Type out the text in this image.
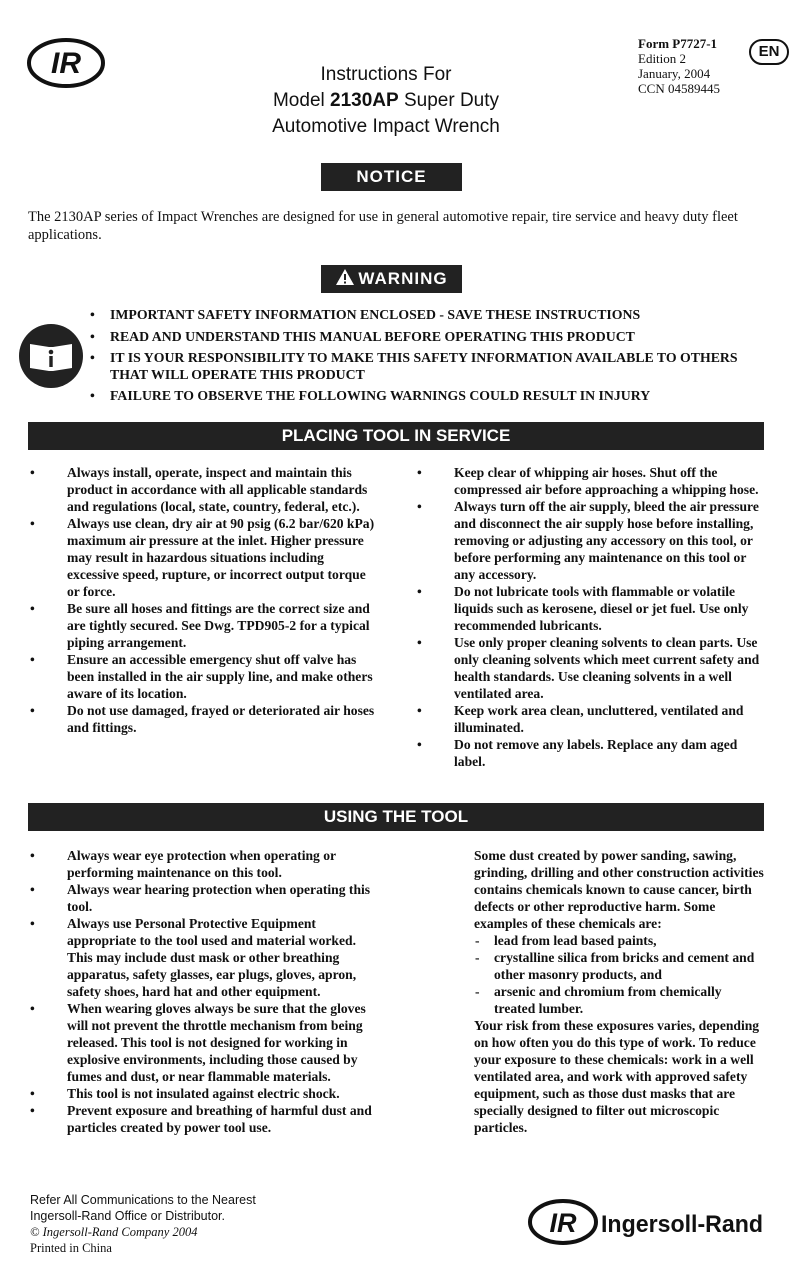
IR	Instructions For
Model 2130AP Super Duty
Automotive Impact Wrench
Form P7727-1
Edition 2
January, 2004
CCN 04589445
EN
NOTICE
The 2130AP series of Impact Wrenches are designed for use in general automotive repair, tire service and heavy duty fleet applications.
WARNING
• IMPORTANT SAFETY INFORMATION ENCLOSED - SAVE THESE INSTRUCTIONS
• READ AND UNDERSTAND THIS MANUAL BEFORE OPERATING THIS PRODUCT
• IT IS YOUR RESPONSIBILITY TO MAKE THIS SAFETY INFORMATION AVAILABLE TO OTHERS THAT WILL OPERATE THIS PRODUCT
• FAILURE TO OBSERVE THE FOLLOWING WARNINGS COULD RESULT IN INJURY
PLACING TOOL IN SERVICE
• Always install, operate, inspect and maintain this product in accordance with all applicable standards and regulations (local, state, country, federal, etc.).
• Always use clean, dry air at 90 psig (6.2 bar/620 kPa) maximum air pressure at the inlet. Higher pressure may result in hazardous situations including excessive speed, rupture, or incorrect output torque or force.
• Be sure all hoses and fittings are the correct size and are tightly secured. See Dwg. TPD905-2 for a typical piping arrangement.
• Ensure an accessible emergency shut off valve has been installed in the air supply line, and make others aware of its location.
• Do not use damaged, frayed or deteriorated air hoses and fittings.
• Keep clear of whipping air hoses. Shut off the compressed air before approaching a whipping hose.
• Always turn off the air supply, bleed the air pressure and disconnect the air supply hose before installing, removing or adjusting any accessory on this tool, or before performing any maintenance on this tool or any accessory.
• Do not lubricate tools with flammable or volatile liquids such as kerosene, diesel or jet fuel. Use only recommended lubricants.
• Use only proper cleaning solvents to clean parts. Use only cleaning solvents which meet current safety and health standards. Use cleaning solvents in a well ventilated area.
• Keep work area clean, uncluttered, ventilated and illuminated.
• Do not remove any labels. Replace any dam aged label.
USING THE TOOL
• Always wear eye protection when operating or performing maintenance on this tool.
• Always wear hearing protection when operating this tool.
• Always use Personal Protective Equipment appropriate to the tool used and material worked. This may include dust mask or other breathing apparatus, safety glasses, ear plugs, gloves, apron, safety shoes, hard hat and other equipment.
• When wearing gloves always be sure that the gloves will not prevent the throttle mechanism from being released. This tool is not designed for working in explosive environments, including those caused by fumes and dust, or near flammable materials.
• This tool is not insulated against electric shock.
• Prevent exposure and breathing of harmful dust and particles created by power tool use.
Some dust created by power sanding, sawing, grinding, drilling and other construction activities contains chemicals known to cause cancer, birth defects or other reproductive harm. Some examples of these chemicals are:
- lead from lead based paints,
- crystalline silica from bricks and cement and other masonry products, and
- arsenic and chromium from chemically treated lumber.
Your risk from these exposures varies, depending on how often you do this type of work. To reduce your exposure to these chemicals: work in a well ventilated area, and work with approved safety equipment, such as those dust masks that are specially designed to filter out microscopic particles.
Refer All Communications to the Nearest
Ingersoll-Rand Office or Distributor.
© Ingersoll-Rand Company 2004
Printed in China
IR Ingersoll-Rand
